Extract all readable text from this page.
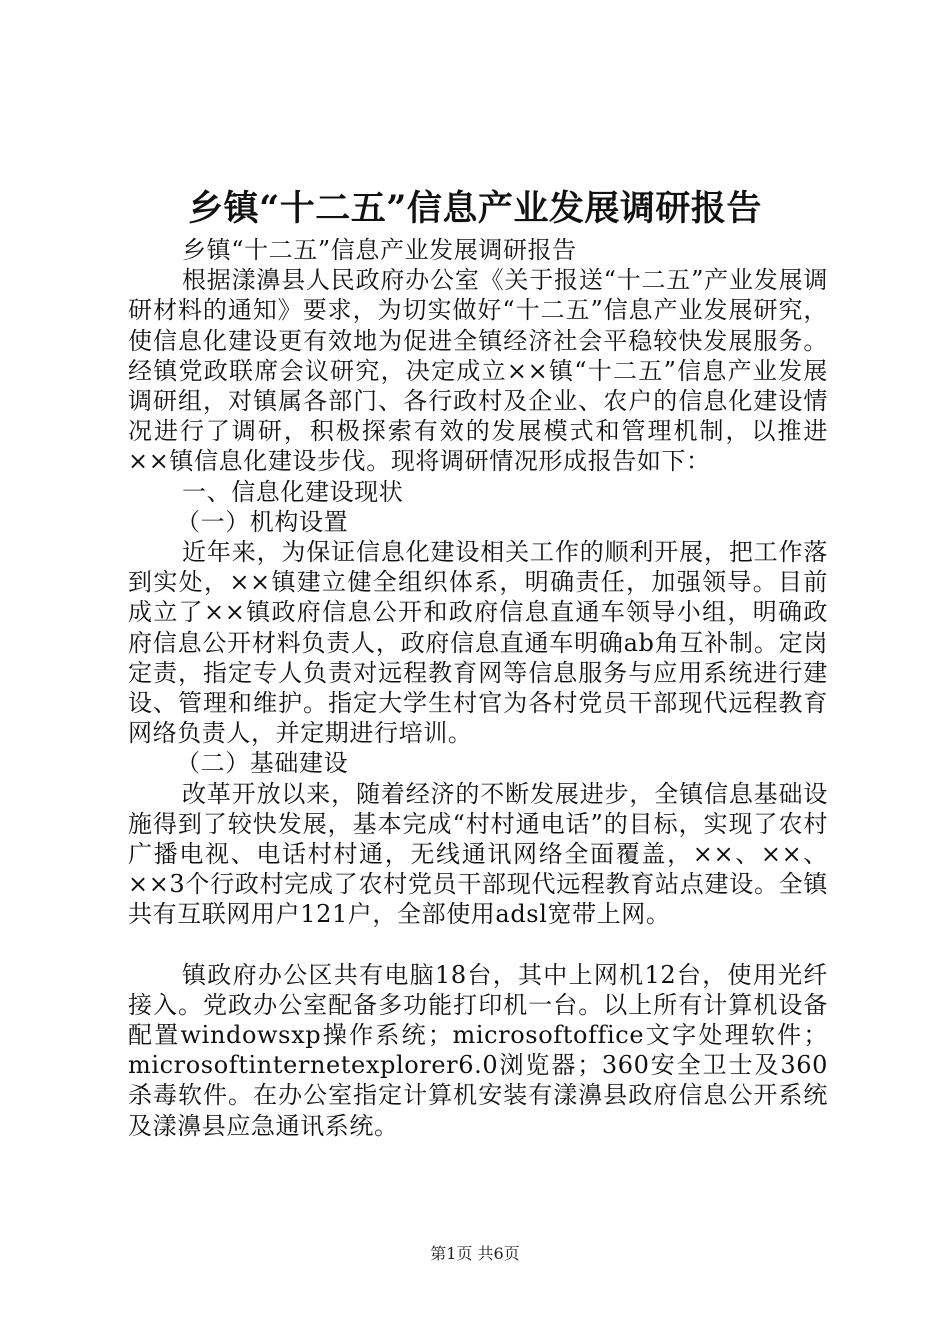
乡镇“十二五”信息产业发展调研报告

乡镇“十二五”信息产业发展调研报告

根据漾濞县人民政府办公室《关于报送“十二五”产业发展调研材料的通知》要求，为切实做好“十二五”信息产业发展研究，使信息化建设更有效地为促进全镇经济社会平稳较快发展服务。经镇党政联席会议研究，决定成立××镇“十二五”信息产业发展调研组，对镇属各部门、各行政村及企业、农户的信息化建设情况进行了调研，积极探索有效的发展模式和管理机制，以推进××镇信息化建设步伐。现将调研情况形成报告如下：

一、信息化建设现状

（一）机构设置

近年来，为保证信息化建设相关工作的顺利开展，把工作落到实处，××镇建立健全组织体系，明确责任，加强领导。目前成立了××镇政府信息公开和政府信息直通车领导小组，明确政府信息公开材料负责人，政府信息直通车明确ab角互补制。定岗定责，指定专人负责对远程教育网等信息服务与应用系统进行建设、管理和维护。指定大学生村官为各村党员干部现代远程教育网络负责人，并定期进行培训。

（二）基础建设

改革开放以来，随着经济的不断发展进步，全镇信息基础设施得到了较快发展，基本完成“村村通电话”的目标，实现了农村广播电视、电话村村通，无线通讯网络全面覆盖，××、××、××3个行政村完成了农村党员干部现代远程教育站点建设。全镇共有互联网用户121户，全部使用adsl宽带上网。

镇政府办公区共有电脑18台，其中上网机12台，使用光纤接入。党政办公室配备多功能打印机一台。以上所有计算机设备配置windowsxp操作系统；microsoftoffice文字处理软件；microsoftinternetexplorer6.0浏览器；360安全卫士及360杀毒软件。在办公室指定计算机安装有漾濞县政府信息公开系统及漾濞县应急通讯系统。

第1页 共6页
